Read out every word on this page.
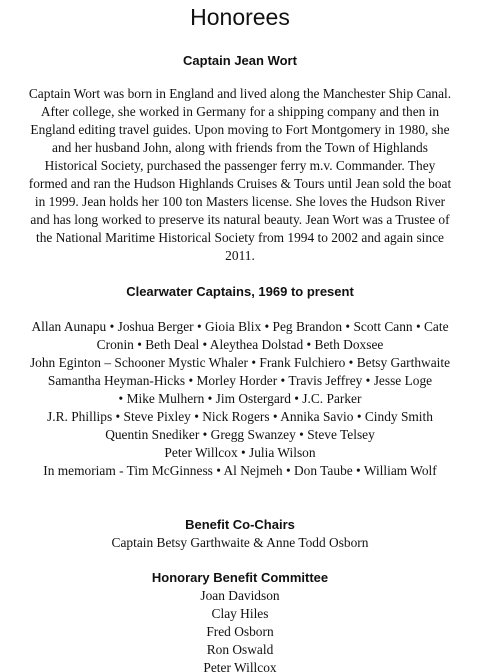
Honorees

Captain Jean Wort

Captain Wort was born in England and lived along the Manchester Ship Canal.
After college, she worked in Germany for a shipping company and then in
England editing travel guides. Upon moving to Fort Montgomery in 1980, she
and her husband John, along with friends from the Town of Highlands
Historical Society, purchased the passenger ferry m.v. Commander. They
formed and ran the Hudson Highlands Cruises & Tours until Jean sold the boat
in 1999. Jean holds her 100 ton Masters license. She loves the Hudson River
and has long worked to preserve its natural beauty. Jean Wort was a Trustee of
the National Maritime Historical Society from 1994 to 2002 and again since
2011.

Clearwater Captains, 1969 to present

Allan Aunapu • Joshua Berger • Gioia Blix • Peg Brandon • Scott Cann • Cate
Cronin • Beth Deal • Aleythea Dolstad • Beth Doxsee
John Eginton – Schooner Mystic Whaler • Frank Fulchiero • Betsy Garthwaite
Samantha Heyman-Hicks • Morley Horder • Travis Jeffrey • Jesse Loge
• Mike Mulhern • Jim Ostergard • J.C. Parker
J.R. Phillips • Steve Pixley • Nick Rogers • Annika Savio • Cindy Smith
Quentin Snediker • Gregg Swanzey • Steve Telsey
Peter Willcox • Julia Wilson
In memoriam - Tim McGinness • Al Nejmeh • Don Taube • William Wolf

Benefit Co-Chairs

Captain Betsy Garthwaite & Anne Todd Osborn

Honorary Benefit Committee

Joan Davidson
Clay Hiles
Fred Osborn
Ron Oswald
Peter Willcox
